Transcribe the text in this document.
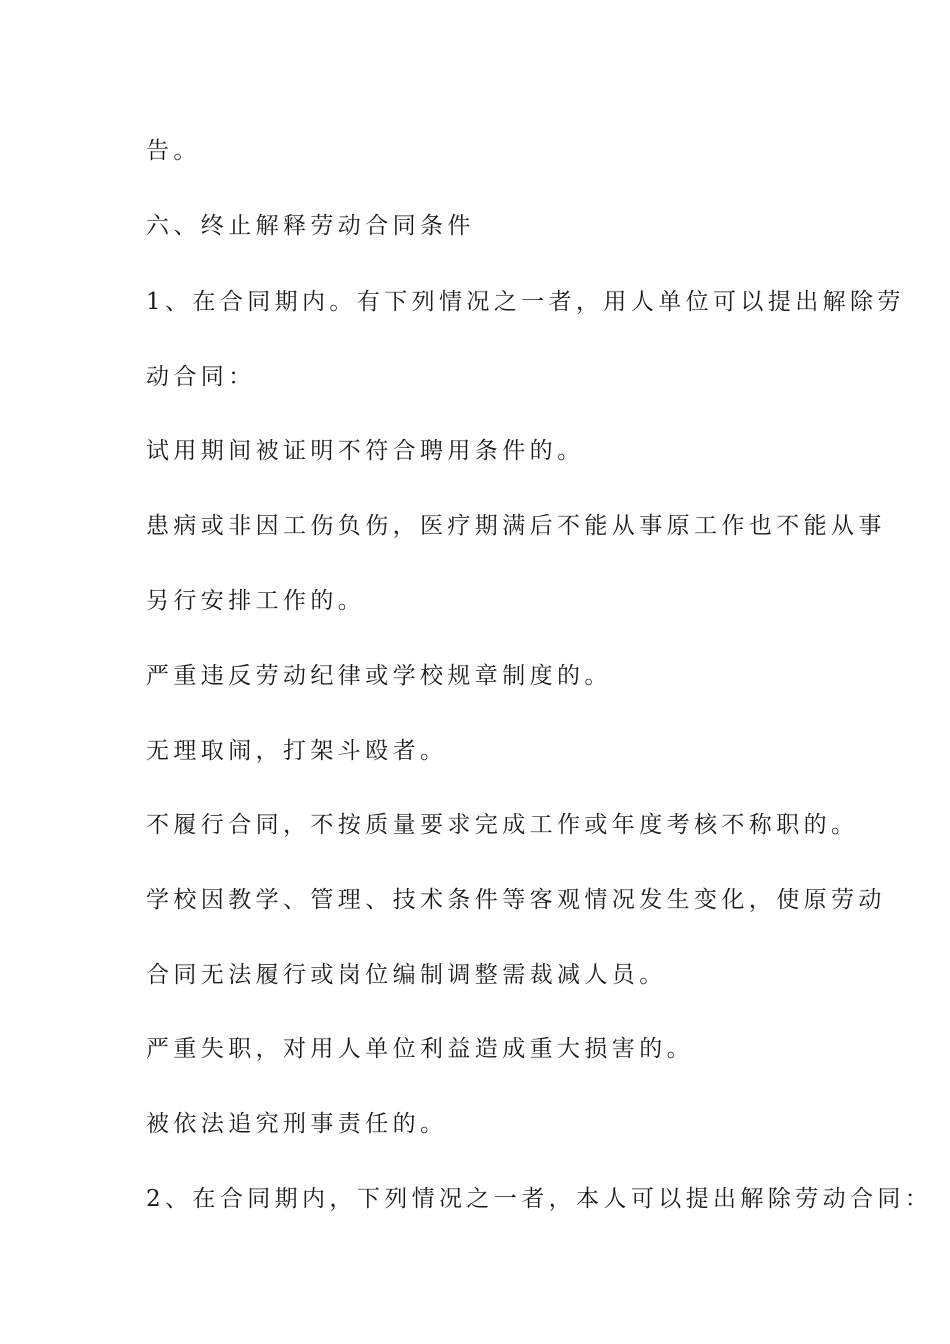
告。
六、终止解释劳动合同条件
1、在合同期内。有下列情况之一者，用人单位可以提出解除劳
动合同：
试用期间被证明不符合聘用条件的。
患病或非因工伤负伤，医疗期满后不能从事原工作也不能从事
另行安排工作的。
严重违反劳动纪律或学校规章制度的。
无理取闹，打架斗殴者。
不履行合同，不按质量要求完成工作或年度考核不称职的。
学校因教学、管理、技术条件等客观情况发生变化，使原劳动
合同无法履行或岗位编制调整需裁减人员。
严重失职，对用人单位利益造成重大损害的。
被依法追究刑事责任的。
2、在合同期内，下列情况之一者，本人可以提出解除劳动合同：
